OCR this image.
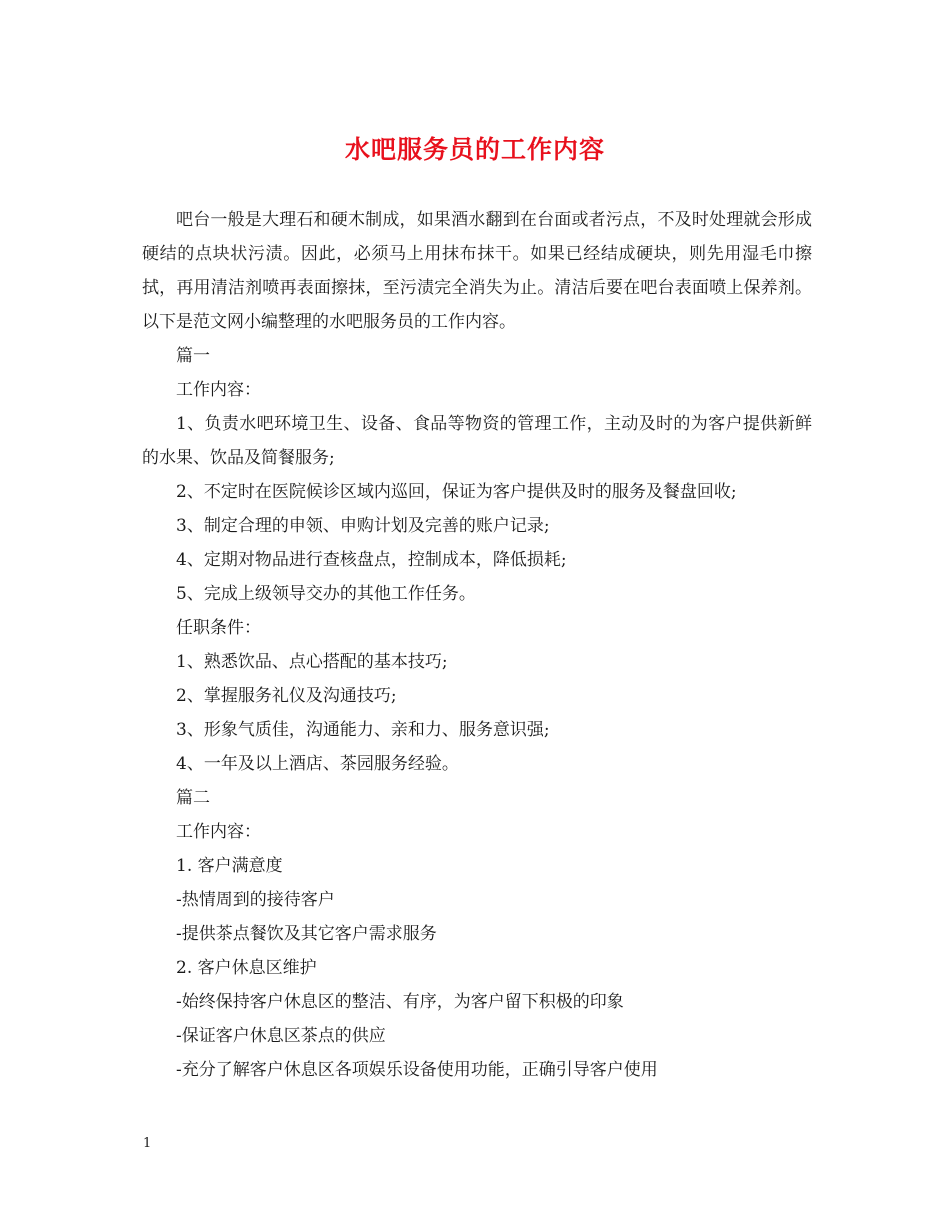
水吧服务员的工作内容

吧台一般是大理石和硬木制成，如果酒水翻到在台面或者污点，不及时处理就会形成硬结的点块状污渍。因此，必须马上用抹布抹干。如果已经结成硬块，则先用湿毛巾擦拭，再用清洁剂喷再表面擦抹，至污渍完全消失为止。清洁后要在吧台表面喷上保养剂。以下是范文网小编整理的水吧服务员的工作内容。

篇一

工作内容：

1、负责水吧环境卫生、设备、食品等物资的管理工作，主动及时的为客户提供新鲜的水果、饮品及简餐服务;

2、不定时在医院候诊区域内巡回，保证为客户提供及时的服务及餐盘回收;

3、制定合理的申领、申购计划及完善的账户记录;

4、定期对物品进行查核盘点，控制成本，降低损耗;

5、完成上级领导交办的其他工作任务。

任职条件：

1、熟悉饮品、点心搭配的基本技巧;

2、掌握服务礼仪及沟通技巧;

3、形象气质佳，沟通能力、亲和力、服务意识强;

4、一年及以上酒店、茶园服务经验。

篇二

工作内容：

1. 客户满意度

-热情周到的接待客户

-提供茶点餐饮及其它客户需求服务

2. 客户休息区维护

-始终保持客户休息区的整洁、有序，为客户留下积极的印象

-保证客户休息区茶点的供应

-充分了解客户休息区各项娱乐设备使用功能，正确引导客户使用

1
